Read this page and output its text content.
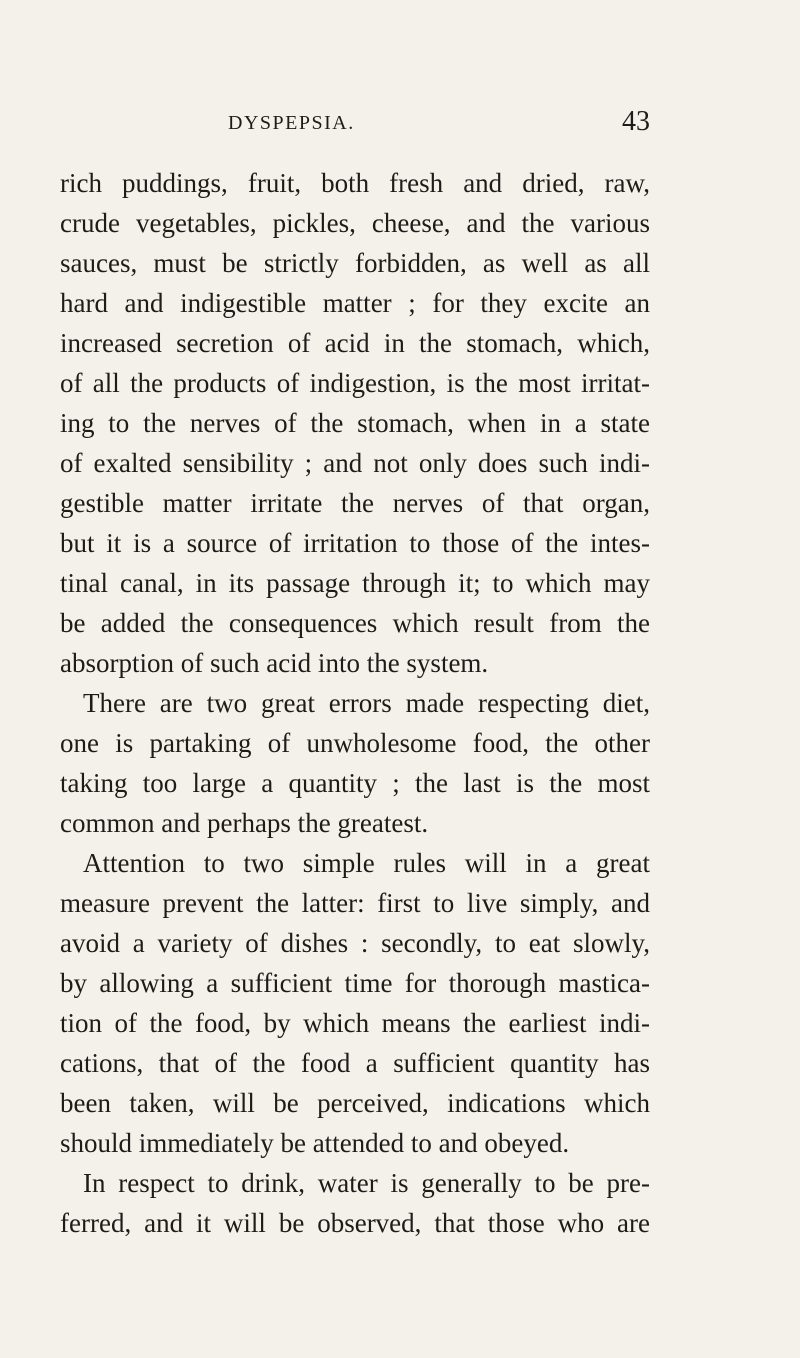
DYSPEPSIA.	43
rich puddings, fruit, both fresh and dried, raw,
crude vegetables, pickles, cheese, and the various
sauces, must be strictly forbidden, as well as all
hard and indigestible matter ; for they excite an
increased secretion of acid in the stomach, which,
of all the products of indigestion, is the most irritat-
ing to the nerves of the stomach, when in a state
of exalted sensibility ; and not only does such indi-
gestible matter irritate the nerves of that organ,
but it is a source of irritation to those of the intes-
tinal canal, in its passage through it; to which may
be added the consequences which result from the
absorption of such acid into the system.
There are two great errors made respecting diet,
one is partaking of unwholesome food, the other
taking too large a quantity ; the last is the most
common and perhaps the greatest.
Attention to two simple rules will in a great
measure prevent the latter: first to live simply, and
avoid a variety of dishes : secondly, to eat slowly,
by allowing a sufficient time for thorough mastica-
tion of the food, by which means the earliest indi-
cations, that of the food a sufficient quantity has
been taken, will be perceived, indications which
should immediately be attended to and obeyed.
In respect to drink, water is generally to be pre-
ferred, and it will be observed, that those who are
